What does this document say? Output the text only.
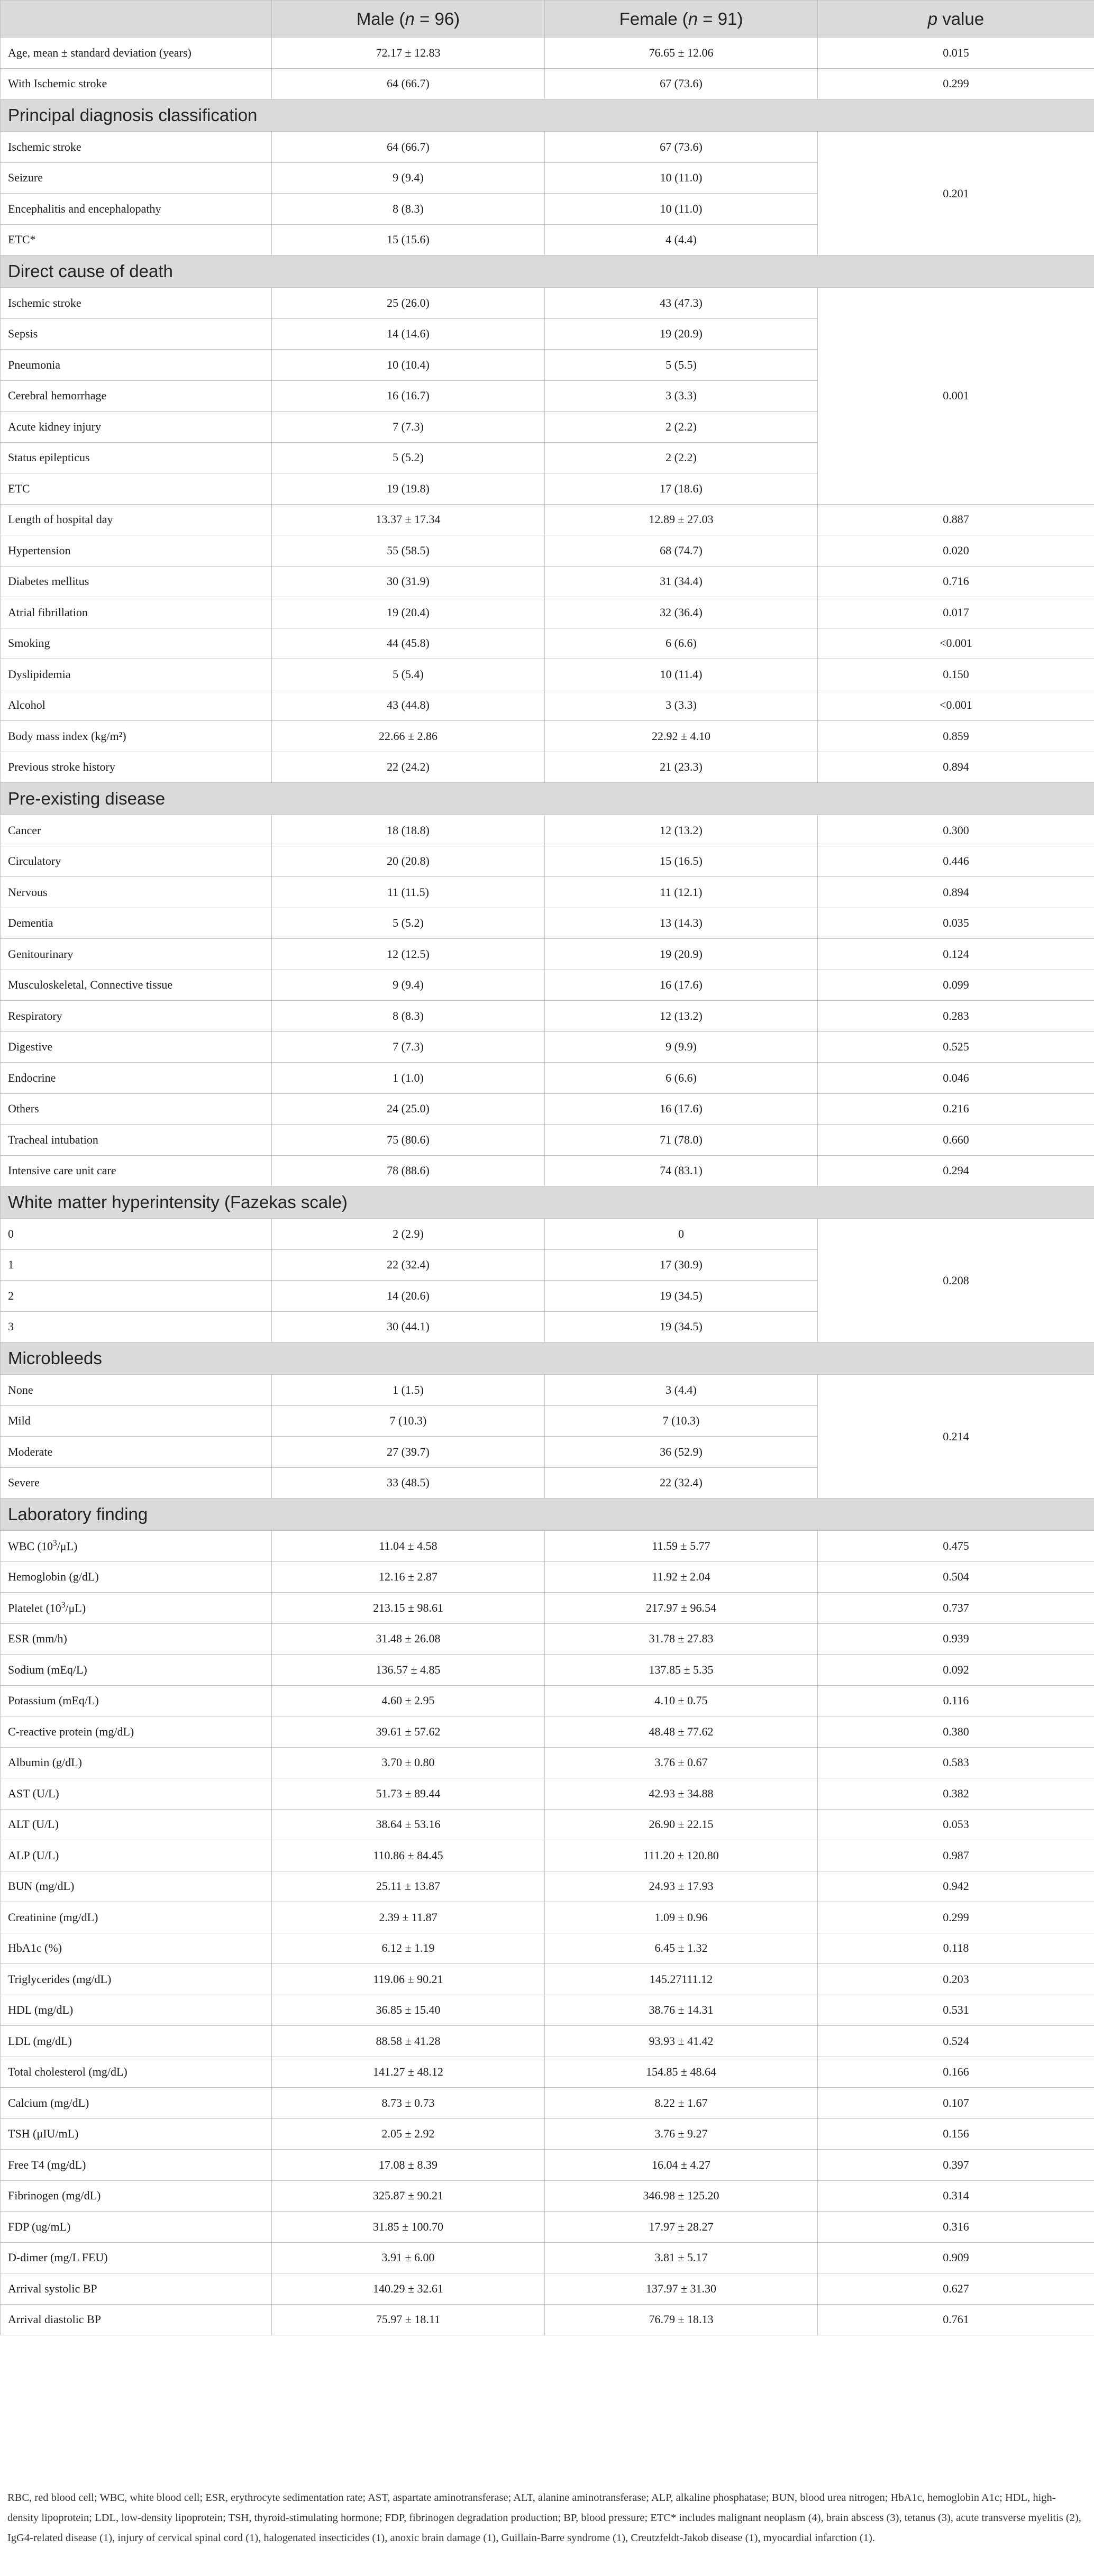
	Male (n = 96)	Female (n = 91)	p value
Age, mean ± standard deviation (years)	72.17 ± 12.83	76.65 ± 12.06	0.015
With Ischemic stroke	64 (66.7)	67 (73.6)	0.299
Principal diagnosis classification			
Ischemic stroke	64 (66.7)	67 (73.6)	0.201
Seizure	9 (9.4)	10 (11.0)	
Encephalitis and encephalopathy	8 (8.3)	10 (11.0)	
ETC*	15 (15.6)	4 (4.4)	
Direct cause of death			
Ischemic stroke	25 (26.0)	43 (47.3)	0.001
Sepsis	14 (14.6)	19 (20.9)	
Pneumonia	10 (10.4)	5 (5.5)	
Cerebral hemorrhage	16 (16.7)	3 (3.3)	
Acute kidney injury	7 (7.3)	2 (2.2)	
Status epilepticus	5 (5.2)	2 (2.2)	
ETC	19 (19.8)	17 (18.6)	
Length of hospital day	13.37 ± 17.34	12.89 ± 27.03	0.887
Hypertension	55 (58.5)	68 (74.7)	0.020
Diabetes mellitus	30 (31.9)	31 (34.4)	0.716
Atrial fibrillation	19 (20.4)	32 (36.4)	0.017
Smoking	44 (45.8)	6 (6.6)	<0.001
Dyslipidemia	5 (5.4)	10 (11.4)	0.150
Alcohol	43 (44.8)	3 (3.3)	<0.001
Body mass index (kg/m²)	22.66 ± 2.86	22.92 ± 4.10	0.859
Previous stroke history	22 (24.2)	21 (23.3)	0.894
Pre-existing disease			
Cancer	18 (18.8)	12 (13.2)	0.300
Circulatory	20 (20.8)	15 (16.5)	0.446
Nervous	11 (11.5)	11 (12.1)	0.894
Dementia	5 (5.2)	13 (14.3)	0.035
Genitourinary	12 (12.5)	19 (20.9)	0.124
Musculoskeletal, Connective tissue	9 (9.4)	16 (17.6)	0.099
Respiratory	8 (8.3)	12 (13.2)	0.283
Digestive	7 (7.3)	9 (9.9)	0.525
Endocrine	1 (1.0)	6 (6.6)	0.046
Others	24 (25.0)	16 (17.6)	0.216
Tracheal intubation	75 (80.6)	71 (78.0)	0.660
Intensive care unit care	78 (88.6)	74 (83.1)	0.294
White matter hyperintensity (Fazekas scale)			
0	2 (2.9)	0	0.208
1	22 (32.4)	17 (30.9)	
2	14 (20.6)	19 (34.5)	
3	30 (44.1)	19 (34.5)	
Microbleeds			
None	1 (1.5)	3 (4.4)	0.214
Mild	7 (10.3)	7 (10.3)	
Moderate	27 (39.7)	36 (52.9)	
Severe	33 (48.5)	22 (32.4)	
Laboratory finding			
WBC $(10^3/\mu L)$	11.04 ± 4.58	11.59 ± 5.77	0.475
Hemoglobin (g/dL)	12.16 ± 2.87	11.92 ± 2.04	0.504
Platelet $(10^3/\mu L)$	213.15 ± 98.61	217.97 ± 96.54	0.737
ESR (mm/h)	31.48 ± 26.08	31.78 ± 27.83	0.939
Sodium (mEq/L)	136.57 ± 4.85	137.85 ± 5.35	0.092
Potassium (mEq/L)	4.60 ± 2.95	4.10 ± 0.75	0.116
C-reactive protein (mg/dL)	39.61 ± 57.62	48.48 ± 77.62	0.380
Albumin (g/dL)	3.70 ± 0.80	3.76 ± 0.67	0.583
AST (U/L)	51.73 ± 89.44	42.93 ± 34.88	0.382
ALT (U/L)	38.64 ± 53.16	26.90 ± 22.15	0.053
ALP (U/L)	110.86 ± 84.45	111.20 ± 120.80	0.987
BUN (mg/dL)	25.11 ± 13.87	24.93 ± 17.93	0.942
Creatinine (mg/dL)	2.39 ± 11.87	1.09 ± 0.96	0.299
HbA1c (%)	6.12 ± 1.19	6.45 ± 1.32	0.118
Triglycerides (mg/dL)	119.06 ± 90.21	145.27111.12	0.203
HDL (mg/dL)	36.85 ± 15.40	38.76 ± 14.31	0.531
LDL (mg/dL)	88.58 ± 41.28	93.93 ± 41.42	0.524
Total cholesterol (mg/dL)	141.27 ± 48.12	154.85 ± 48.64	0.166
Calcium (mg/dL)	8.73 ± 0.73	8.22 ± 1.67	0.107
TSH (μIU/mL)	2.05 ± 2.92	3.76 ± 9.27	0.156
Free T4 (mg/dL)	17.08 ± 8.39	16.04 ± 4.27	0.397
Fibrinogen (mg/dL)	325.87 ± 90.21	346.98 ± 125.20	0.314
FDP (ug/mL)	31.85 ± 100.70	17.97 ± 28.27	0.316
D-dimer (mg/L FEU)	3.91 ± 6.00	3.81 ± 5.17	0.909
Arrival systolic BP	140.29 ± 32.61	137.97 ± 31.30	0.627
Arrival diastolic BP	75.97 ± 18.11	76.79 ± 18.13	0.761
RBC, red blood cell; WBC, white blood cell; ESR, erythrocyte sedimentation rate; AST, aspartate aminotransferase; ALT, alanine aminotransferase; ALP, alkaline phosphatase; BUN, blood urea nitrogen; HbA1c, hemoglobin A1c; HDL, high-density lipoprotein; LDL, low-density lipoprotein; TSH, thyroid-stimulating hormone; FDP, fibrinogen degradation production; BP, blood pressure; ETC* includes malignant neoplasm (4), brain abscess (3), tetanus (3), acute transverse myelitis (2), IgG4-related disease (1), injury of cervical spinal cord (1), halogenated insecticides (1), anoxic brain damage (1), Guillain-Barre syndrome (1), Creutzfeldt-Jakob disease (1), myocardial infarction (1).
